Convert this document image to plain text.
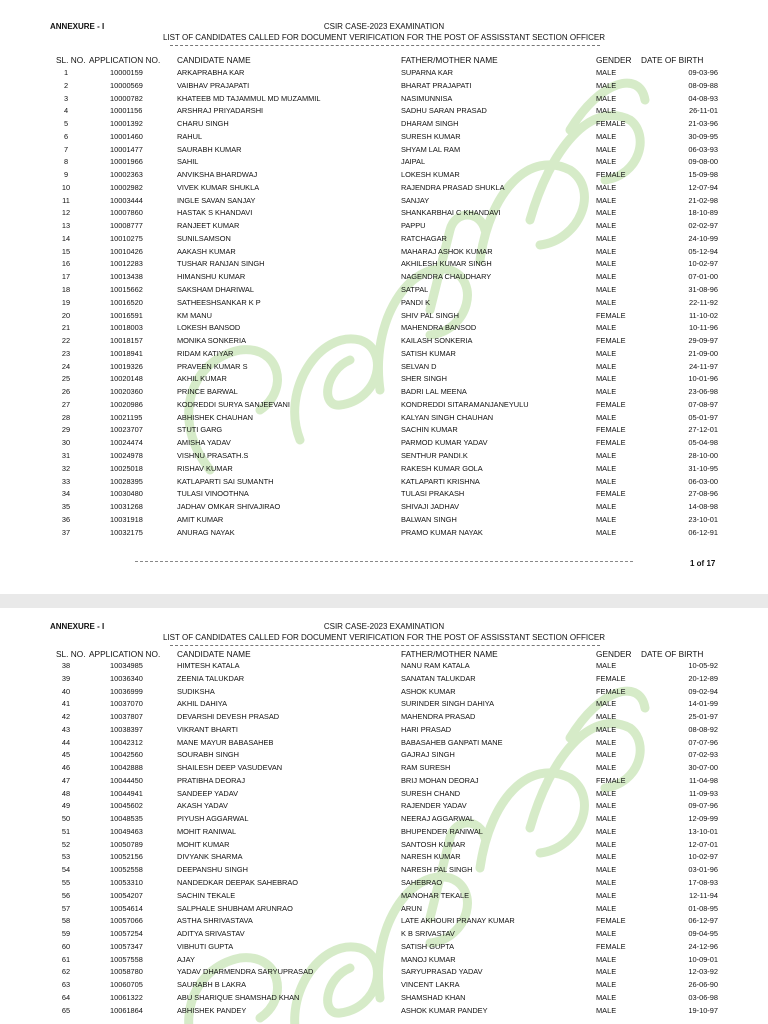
ANNEXURE - I	CSIR CASE-2023 EXAMINATION
LIST OF CANDIDATES CALLED FOR DOCUMENT VERIFICATION FOR THE POST OF ASSISSTANT SECTION OFFICER
SL. NO. APPLICATION NO. CANDIDATE NAME	FATHER/MOTHER NAME	GENDER DATE OF BIRTH
1	10000159	ARKAPRABHA KAR	SUPARNA KAR	MALE	09-03-96
2	10000569	VAIBHAV PRAJAPATI	BHARAT PRAJAPATI	MALE	08-09-88
3	10000782	KHATEEB MD TAJAMMUL MD MUZAMMIL	NASIMUNNISA	MALE	04-08-93
4	10001156	ARSHRAJ PRIYADARSHI	SADHU SARAN PRASAD	MALE	26-11-01
5	10001392	CHARU SINGH	DHARAM SINGH	FEMALE	21-03-96
6	10001460	RAHUL	SURESH KUMAR	MALE	30-09-95
7	10001477	SAURABH KUMAR	SHYAM LAL RAM	MALE	06-03-93
8	10001966	SAHIL	JAIPAL	MALE	09-08-00
9	10002363	ANVIKSHA BHARDWAJ	LOKESH KUMAR	FEMALE	15-09-98
10	10002982	VIVEK KUMAR SHUKLA	RAJENDRA PRASAD SHUKLA	MALE	12-07-94
11	10003444	INGLE SAVAN SANJAY	SANJAY	MALE	21-02-98
12	10007860	HASTAK S KHANDAVI	SHANKARBHAI C KHANDAVI	MALE	18-10-89
13	10008777	RANJEET KUMAR	PAPPU	MALE	02-02-97
14	10010275	SUNILSAMSON	RATCHAGAR	MALE	24-10-99
15	10010426	AAKASH KUMAR	MAHARAJ ASHOK KUMAR	MALE	05-12-94
16	10012283	TUSHAR RANJAN SINGH	AKHILESH KUMAR SINGH	MALE	10-02-97
17	10013438	HIMANSHU KUMAR	NAGENDRA CHAUDHARY	MALE	07-01-00
18	10015662	SAKSHAM DHARIWAL	SATPAL	MALE	31-08-96
19	10016520	SATHEESHSANKAR K P	PANDI K	MALE	22-11-92
20	10016591	KM MANU	SHIV PAL SINGH	FEMALE	11-10-02
21	10018003	LOKESH BANSOD	MAHENDRA BANSOD	MALE	10-11-96
22	10018157	MONIKA SONKERIA	KAILASH SONKERIA	FEMALE	29-09-97
23	10018941	RIDAM KATIYAR	SATISH KUMAR	MALE	21-09-00
24	10019326	PRAVEEN KUMAR S	SELVAN D	MALE	24-11-97
25	10020148	AKHIL KUMAR	SHER SINGH	MALE	10-01-96
26	10020360	PRINCE BARWAL	BADRI LAL MEENA	MALE	23-06-98
27	10020986	KODREDDI SURYA SANJEEVANI	KONDREDDI SITARAMANJANEYULU	FEMALE	07-08-97
28	10021195	ABHISHEK CHAUHAN	KALYAN SINGH CHAUHAN	MALE	05-01-97
29	10023707	STUTI GARG	SACHIN KUMAR	FEMALE	27-12-01
30	10024474	AMISHA YADAV	PARMOD KUMAR YADAV	FEMALE	05-04-98
31	10024978	VISHNU PRASATH.S	SENTHUR PANDI.K	MALE	28-10-00
32	10025018	RISHAV KUMAR	RAKESH KUMAR GOLA	MALE	31-10-95
33	10028395	KATLAPARTI SAI SUMANTH	KATLAPARTI KRISHNA	MALE	06-03-00
34	10030480	TULASI VINOOTHNA	TULASI PRAKASH	FEMALE	27-08-96
35	10031268	JADHAV OMKAR SHIVAJIRAO	SHIVAJI JADHAV	MALE	14-08-98
36	10031918	AMIT KUMAR	BALWAN SINGH	MALE	23-10-01
37	10032175	ANURAG NAYAK	PRAMO KUMAR NAYAK	MALE	06-12-91
1 of 17
ANNEXURE - I	CSIR CASE-2023 EXAMINATION
LIST OF CANDIDATES CALLED FOR DOCUMENT VERIFICATION FOR THE POST OF ASSISSTANT SECTION OFFICER
SL. NO. APPLICATION NO. CANDIDATE NAME	FATHER/MOTHER NAME	GENDER DATE OF BIRTH
38	10034985	HIMTESH KATALA	NANU RAM KATALA	MALE	10-05-92
39	10036340	ZEENIA TALUKDAR	SANATAN TALUKDAR	FEMALE	20-12-89
40	10036999	SUDIKSHA	ASHOK KUMAR	FEMALE	09-02-94
41	10037070	AKHIL DAHIYA	SURINDER SINGH DAHIYA	MALE	14-01-99
42	10037807	DEVARSHI DEVESH PRASAD	MAHENDRA PRASAD	MALE	25-01-97
43	10038397	VIKRANT BHARTI	HARI PRASAD	MALE	08-08-92
44	10042312	MANE MAYUR BABASAHEB	BABASAHEB GANPATI MANE	MALE	07-07-96
45	10042560	SOURABH SINGH	GAJRAJ SINGH	MALE	07-02-93
46	10042888	SHAILESH DEEP VASUDEVAN	RAM SURESH	MALE	30-07-00
47	10044450	PRATIBHA DEORAJ	BRIJ MOHAN DEORAJ	FEMALE	11-04-98
48	10044941	SANDEEP YADAV	SURESH CHAND	MALE	11-09-93
49	10045602	AKASH YADAV	RAJENDER YADAV	MALE	09-07-96
50	10048535	PIYUSH AGGARWAL	NEERAJ AGGARWAL	MALE	12-09-99
51	10049463	MOHIT RANIWAL	BHUPENDER RANIWAL	MALE	13-10-01
52	10050789	MOHIT KUMAR	SANTOSH KUMAR	MALE	12-07-01
53	10052156	DIVYANK SHARMA	NARESH KUMAR	MALE	10-02-97
54	10052558	DEEPANSHU SINGH	NARESH PAL SINGH	MALE	03-01-96
55	10053310	NANDEDKAR DEEPAK SAHEBRAO	SAHEBRAO	MALE	17-08-93
56	10054207	SACHIN TEKALE	MANOHAR TEKALE	MALE	12-11-94
57	10054614	SALPHALE SHUBHAM ARUNRAO	ARUN	MALE	01-08-95
58	10057066	ASTHA SHRIVASTAVA	LATE AKHOURI PRANAY KUMAR	FEMALE	06-12-97
59	10057254	ADITYA SRIVASTAV	K B SRIVASTAV	MALE	09-04-95
60	10057347	VIBHUTI GUPTA	SATISH GUPTA	FEMALE	24-12-96
61	10057558	AJAY	MANOJ KUMAR	MALE	10-09-01
62	10058780	YADAV DHARMENDRA SARYUPRASAD	SARYUPRASAD YADAV	MALE	12-03-92
63	10060705	SAURABH B LAKRA	VINCENT LAKRA	MALE	26-06-90
64	10061322	ABU SHARIQUE SHAMSHAD KHAN	SHAMSHAD KHAN	MALE	03-06-98
65	10061864	ABHISHEK PANDEY	ASHOK KUMAR PANDEY	MALE	19-10-97
